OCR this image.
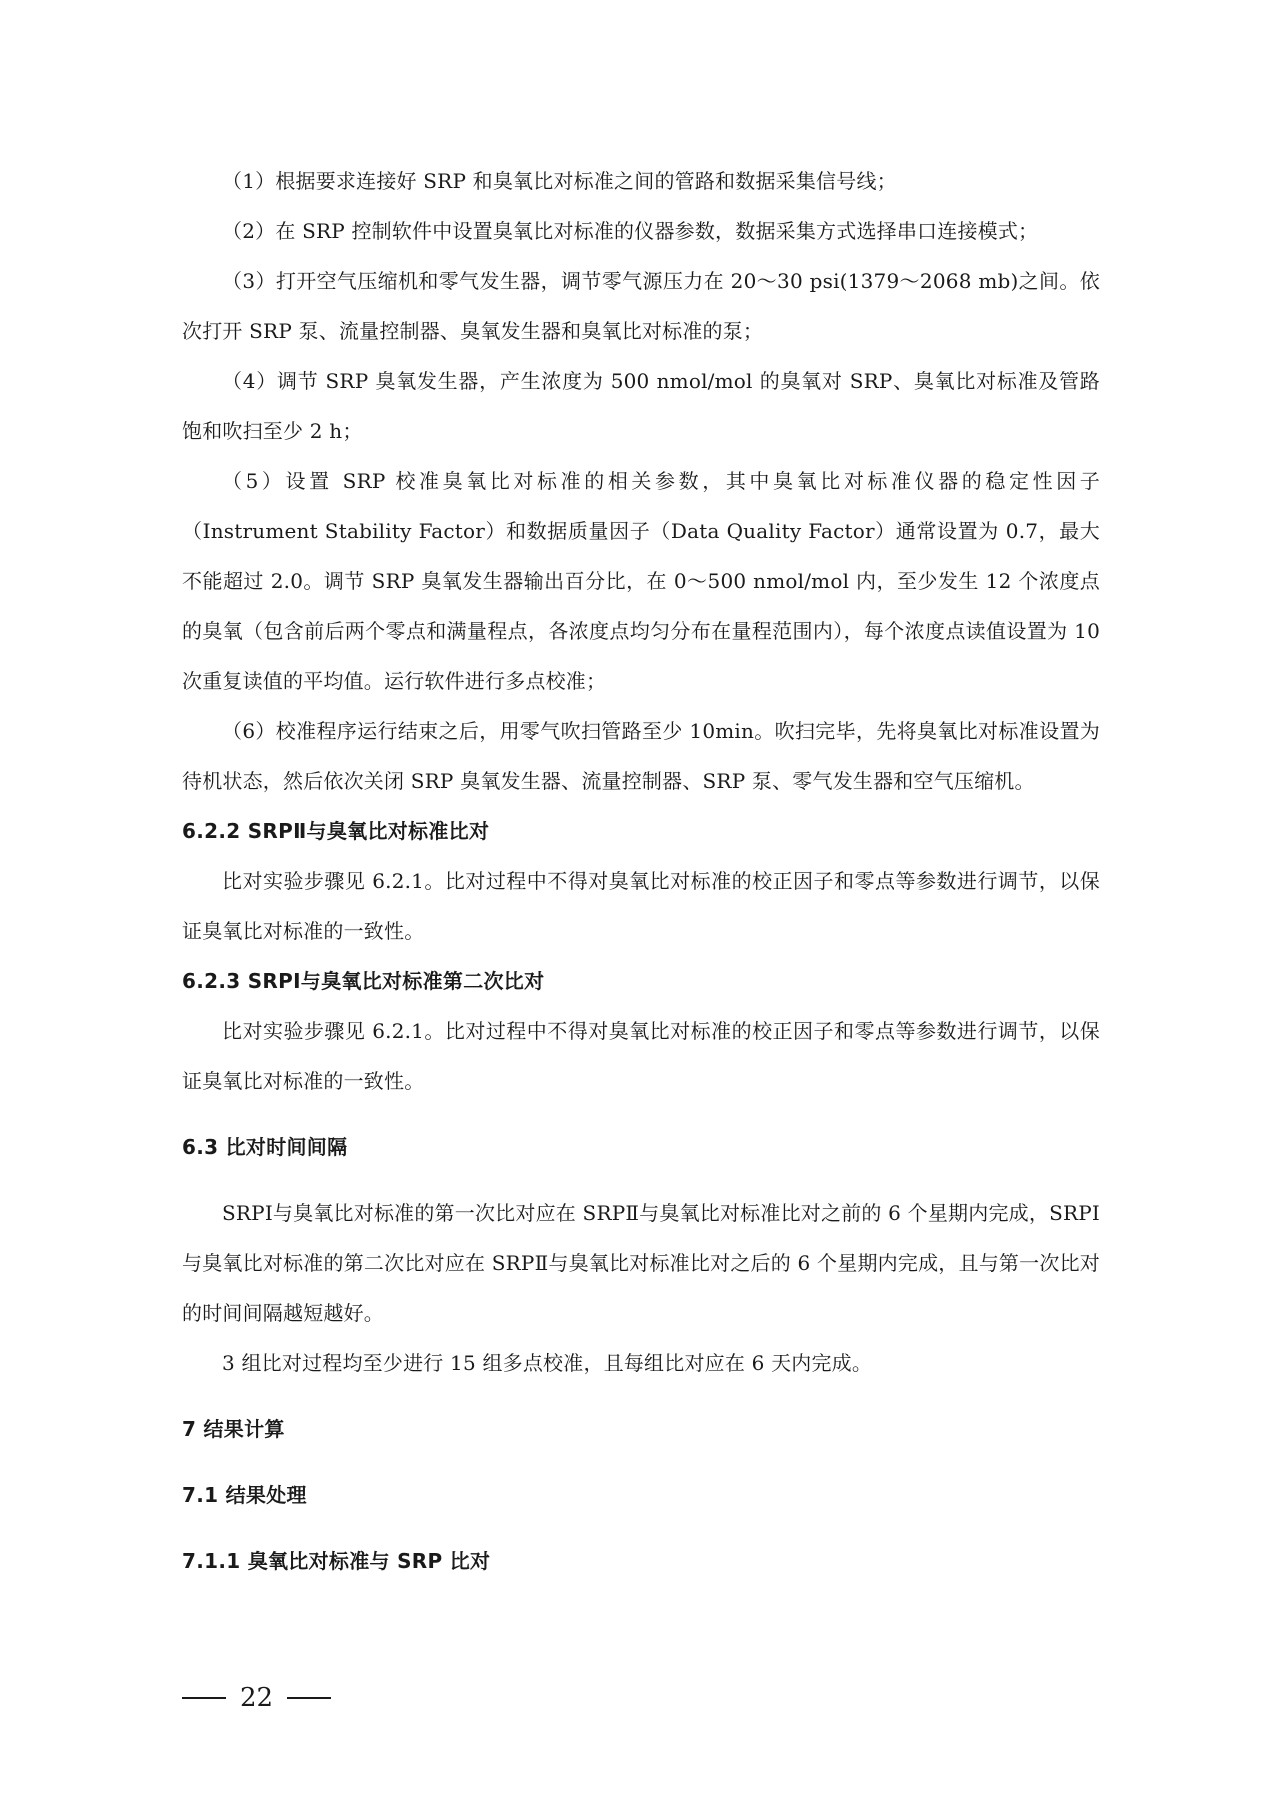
（1）根据要求连接好 SRP 和臭氧比对标准之间的管路和数据采集信号线；

（2）在 SRP 控制软件中设置臭氧比对标准的仪器参数，数据采集方式选择串口连接模式；

（3）打开空气压缩机和零气发生器，调节零气源压力在 20～30 psi(1379～2068 mb)之间。依次打开 SRP 泵、流量控制器、臭氧发生器和臭氧比对标准的泵；

（4）调节 SRP 臭氧发生器，产生浓度为 500 nmol/mol 的臭氧对 SRP、臭氧比对标准及管路饱和吹扫至少 2 h；

（5）设置 SRP 校准臭氧比对标准的相关参数，其中臭氧比对标准仪器的稳定性因子（Instrument Stability Factor）和数据质量因子（Data Quality Factor）通常设置为 0.7，最大不能超过 2.0。调节 SRP 臭氧发生器输出百分比，在 0～500 nmol/mol 内，至少发生 12 个浓度点的臭氧（包含前后两个零点和满量程点，各浓度点均匀分布在量程范围内），每个浓度点读值设置为 10 次重复读值的平均值。运行软件进行多点校准；

（6）校准程序运行结束之后，用零气吹扫管路至少 10min。吹扫完毕，先将臭氧比对标准设置为待机状态，然后依次关闭 SRP 臭氧发生器、流量控制器、SRP 泵、零气发生器和空气压缩机。

6.2.2 SRPⅡ与臭氧比对标准比对

比对实验步骤见 6.2.1。比对过程中不得对臭氧比对标准的校正因子和零点等参数进行调节，以保证臭氧比对标准的一致性。

6.2.3 SRPⅠ与臭氧比对标准第二次比对

比对实验步骤见 6.2.1。比对过程中不得对臭氧比对标准的校正因子和零点等参数进行调节，以保证臭氧比对标准的一致性。

6.3 比对时间间隔

SRPⅠ与臭氧比对标准的第一次比对应在 SRPⅡ与臭氧比对标准比对之前的 6 个星期内完成，SRPⅠ与臭氧比对标准的第二次比对应在 SRPⅡ与臭氧比对标准比对之后的 6 个星期内完成，且与第一次比对的时间间隔越短越好。

3 组比对过程均至少进行 15 组多点校准，且每组比对应在 6 天内完成。

7 结果计算
7.1 结果处理
7.1.1 臭氧比对标准与 SRP 比对
22
